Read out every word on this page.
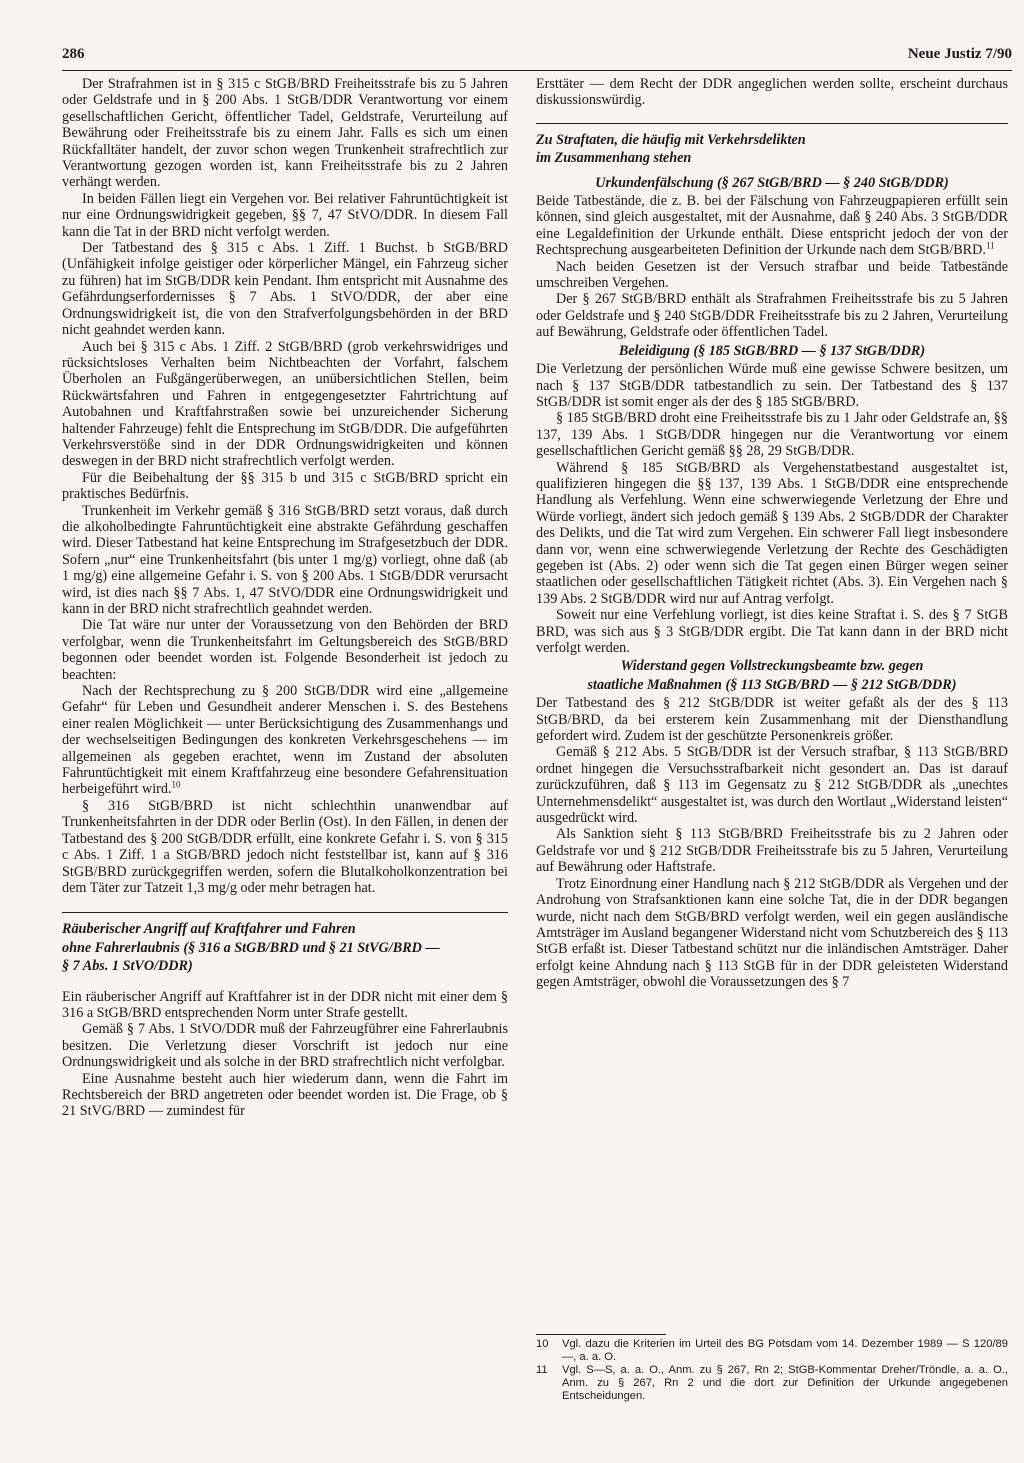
286	Neue Justiz 7/90

Der Strafrahmen ist in § 315 c StGB/BRD Freiheitsstrafe bis zu 5 Jahren oder Geldstrafe und in § 200 Abs. 1 StGB/DDR Verantwortung vor einem gesellschaftlichen Gericht, öffentlicher Tadel, Geldstrafe, Verurteilung auf Bewährung oder Freiheitsstrafe bis zu einem Jahr. Falls es sich um einen Rückfalltäter handelt, der zuvor schon wegen Trunkenheit strafrechtlich zur Verantwortung gezogen worden ist, kann Freiheitsstrafe bis zu 2 Jahren verhängt werden.

In beiden Fällen liegt ein Vergehen vor. Bei relativer Fahruntüchtigkeit ist nur eine Ordnungswidrigkeit gegeben, §§ 7, 47 StVO/DDR. In diesem Fall kann die Tat in der BRD nicht verfolgt werden.

Der Tatbestand des § 315 c Abs. 1 Ziff. 1 Buchst. b StGB/BRD (Unfähigkeit infolge geistiger oder körperlicher Mängel, ein Fahrzeug sicher zu führen) hat im StGB/DDR kein Pendant. Ihm entspricht mit Ausnahme des Gefährdungserfordernisses § 7 Abs. 1 StVO/DDR, der aber eine Ordnungswidrigkeit ist, die von den Strafverfolgungsbehörden in der BRD nicht geahndet werden kann.

Auch bei § 315 c Abs. 1 Ziff. 2 StGB/BRD (grob verkehrswidriges und rücksichtsloses Verhalten beim Nichtbeachten der Vorfahrt, falschem Überholen an Fußgängerüberwegen, an unübersichtlichen Stellen, beim Rückwärtsfahren und Fahren in entgegengesetzter Fahrtrichtung auf Autobahnen und Kraftfahrstraßen sowie bei unzureichender Sicherung haltender Fahrzeuge) fehlt die Entsprechung im StGB/DDR. Die aufgeführten Verkehrsverstöße sind in der DDR Ordnungswidrigkeiten und können deswegen in der BRD nicht strafrechtlich verfolgt werden.

Für die Beibehaltung der §§ 315 b und 315 c StGB/BRD spricht ein praktisches Bedürfnis.

Trunkenheit im Verkehr gemäß § 316 StGB/BRD setzt voraus, daß durch die alkoholbedingte Fahruntüchtigkeit eine abstrakte Gefährdung geschaffen wird. Dieser Tatbestand hat keine Entsprechung im Strafgesetzbuch der DDR. Sofern „nur“ eine Trunkenheitsfahrt (bis unter 1 mg/g) vorliegt, ohne daß (ab 1 mg/g) eine allgemeine Gefahr i. S. von § 200 Abs. 1 StGB/DDR verursacht wird, ist dies nach §§ 7 Abs. 1, 47 StVO/DDR eine Ordnungswidrigkeit und kann in der BRD nicht strafrechtlich geahndet werden.

Die Tat wäre nur unter der Voraussetzung von den Behörden der BRD verfolgbar, wenn die Trunkenheitsfahrt im Geltungsbereich des StGB/BRD begonnen oder beendet worden ist. Folgende Besonderheit ist jedoch zu beachten:

Nach der Rechtsprechung zu § 200 StGB/DDR wird eine „allgemeine Gefahr“ für Leben und Gesundheit anderer Menschen i. S. des Bestehens einer realen Möglichkeit — unter Berücksichtigung des Zusammenhangs und der wechselseitigen Bedingungen des konkreten Verkehrsgeschehens — im allgemeinen als gegeben erachtet, wenn im Zustand der absoluten Fahruntüchtigkeit mit einem Kraftfahrzeug eine besondere Gefahrensituation herbeigeführt wird.$^{10}$

§ 316 StGB/BRD ist nicht schlechthin unanwendbar auf Trunkenheitsfahrten in der DDR oder Berlin (Ost). In den Fällen, in denen der Tatbestand des § 200 StGB/DDR erfüllt, eine konkrete Gefahr i. S. von § 315 c Abs. 1 Ziff. 1 a StGB/BRD jedoch nicht feststellbar ist, kann auf § 316 StGB/BRD zurückgegriffen werden, sofern die Blutalkoholkonzentration bei dem Täter zur Tatzeit 1,3 mg/g oder mehr betragen hat.

Räuberischer Angriff auf Kraftfahrer und Fahren
ohne Fahrerlaubnis (§ 316 a StGB/BRD und § 21 StVG/BRD —
§ 7 Abs. 1 StVO/DDR)

Ein räuberischer Angriff auf Kraftfahrer ist in der DDR nicht mit einer dem § 316 a StGB/BRD entsprechenden Norm unter Strafe gestellt.

Gemäß § 7 Abs. 1 StVO/DDR muß der Fahrzeugführer eine Fahrerlaubnis besitzen. Die Verletzung dieser Vorschrift ist jedoch nur eine Ordnungswidrigkeit und als solche in der BRD strafrechtlich nicht verfolgbar.

Eine Ausnahme besteht auch hier wiederum dann, wenn die Fahrt im Rechtsbereich der BRD angetreten oder beendet worden ist. Die Frage, ob § 21 StVG/BRD — zumindest für

Ersttäter — dem Recht der DDR angeglichen werden sollte, erscheint durchaus diskussionswürdig.

Zu Straftaten, die häufig mit Verkehrsdelikten
im Zusammenhang stehen
Urkundenfälschung (§ 267 StGB/BRD — § 240 StGB/DDR)

Beide Tatbestände, die z. B. bei der Fälschung von Fahrzeugpapieren erfüllt sein können, sind gleich ausgestaltet, mit der Ausnahme, daß § 240 Abs. 3 StGB/DDR eine Legaldefinition der Urkunde enthält. Diese entspricht jedoch der von der Rechtsprechung ausgearbeiteten Definition der Urkunde nach dem StGB/BRD.$^{11}$

Nach beiden Gesetzen ist der Versuch strafbar und beide Tatbestände umschreiben Vergehen.

Der § 267 StGB/BRD enthält als Strafrahmen Freiheitsstrafe bis zu 5 Jahren oder Geldstrafe und § 240 StGB/DDR Freiheitsstrafe bis zu 2 Jahren, Verurteilung auf Bewährung, Geldstrafe oder öffentlichen Tadel.

Beleidigung (§ 185 StGB/BRD — § 137 StGB/DDR)

Die Verletzung der persönlichen Würde muß eine gewisse Schwere besitzen, um nach § 137 StGB/DDR tatbestandlich zu sein. Der Tatbestand des § 137 StGB/DDR ist somit enger als der des § 185 StGB/BRD.

§ 185 StGB/BRD droht eine Freiheitsstrafe bis zu 1 Jahr oder Geldstrafe an, §§ 137, 139 Abs. 1 StGB/DDR hingegen nur die Verantwortung vor einem gesellschaftlichen Gericht gemäß §§ 28, 29 StGB/DDR.

Während § 185 StGB/BRD als Vergehenstatbestand ausgestaltet ist, qualifizieren hingegen die §§ 137, 139 Abs. 1 StGB/DDR eine entsprechende Handlung als Verfehlung. Wenn eine schwerwiegende Verletzung der Ehre und Würde vorliegt, ändert sich jedoch gemäß § 139 Abs. 2 StGB/DDR der Charakter des Delikts, und die Tat wird zum Vergehen. Ein schwerer Fall liegt insbesondere dann vor, wenn eine schwerwiegende Verletzung der Rechte des Geschädigten gegeben ist (Abs. 2) oder wenn sich die Tat gegen einen Bürger wegen seiner staatlichen oder gesellschaftlichen Tätigkeit richtet (Abs. 3). Ein Vergehen nach § 139 Abs. 2 StGB/DDR wird nur auf Antrag verfolgt.

Soweit nur eine Verfehlung vorliegt, ist dies keine Straftat i. S. des § 7 StGB BRD, was sich aus § 3 StGB/DDR ergibt. Die Tat kann dann in der BRD nicht verfolgt werden.

Widerstand gegen Vollstreckungsbeamte bzw. gegen
staatliche Maßnahmen (§ 113 StGB/BRD — § 212 StGB/DDR)

Der Tatbestand des § 212 StGB/DDR ist weiter gefaßt als der des § 113 StGB/BRD, da bei ersterem kein Zusammenhang mit der Diensthandlung gefordert wird. Zudem ist der geschützte Personenkreis größer.

Gemäß § 212 Abs. 5 StGB/DDR ist der Versuch strafbar, § 113 StGB/BRD ordnet hingegen die Versuchsstrafbarkeit nicht gesondert an. Das ist darauf zurückzuführen, daß § 113 im Gegensatz zu § 212 StGB/DDR als „unechtes Unternehmensdelikt“ ausgestaltet ist, was durch den Wortlaut „Widerstand leisten“ ausgedrückt wird.

Als Sanktion sieht § 113 StGB/BRD Freiheitsstrafe bis zu 2 Jahren oder Geldstrafe vor und § 212 StGB/DDR Freiheitsstrafe bis zu 5 Jahren, Verurteilung auf Bewährung oder Haftstrafe.

Trotz Einordnung einer Handlung nach § 212 StGB/DDR als Vergehen und der Androhung von Strafsanktionen kann eine solche Tat, die in der DDR begangen wurde, nicht nach dem StGB/BRD verfolgt werden, weil ein gegen ausländische Amtsträger im Ausland begangener Widerstand nicht vom Schutzbereich des § 113 StGB erfaßt ist. Dieser Tatbestand schützt nur die inländischen Amtsträger. Daher erfolgt keine Ahndung nach § 113 StGB für in der DDR geleisteten Widerstand gegen Amtsträger, obwohl die Voraussetzungen des § 7

10	Vgl. dazu die Kriterien im Urteil des BG Potsdam vom 14. Dezember 1989 — S 120/89 —, a. a. O.
11	Vgl. S—S, a. a. O., Anm. zu § 267, Rn 2; StGB-Kommentar Dreher/Tröndle, a. a. O., Anm. zu § 267, Rn 2 und die dort zur Definition der Urkunde angegebenen Entscheidungen.
